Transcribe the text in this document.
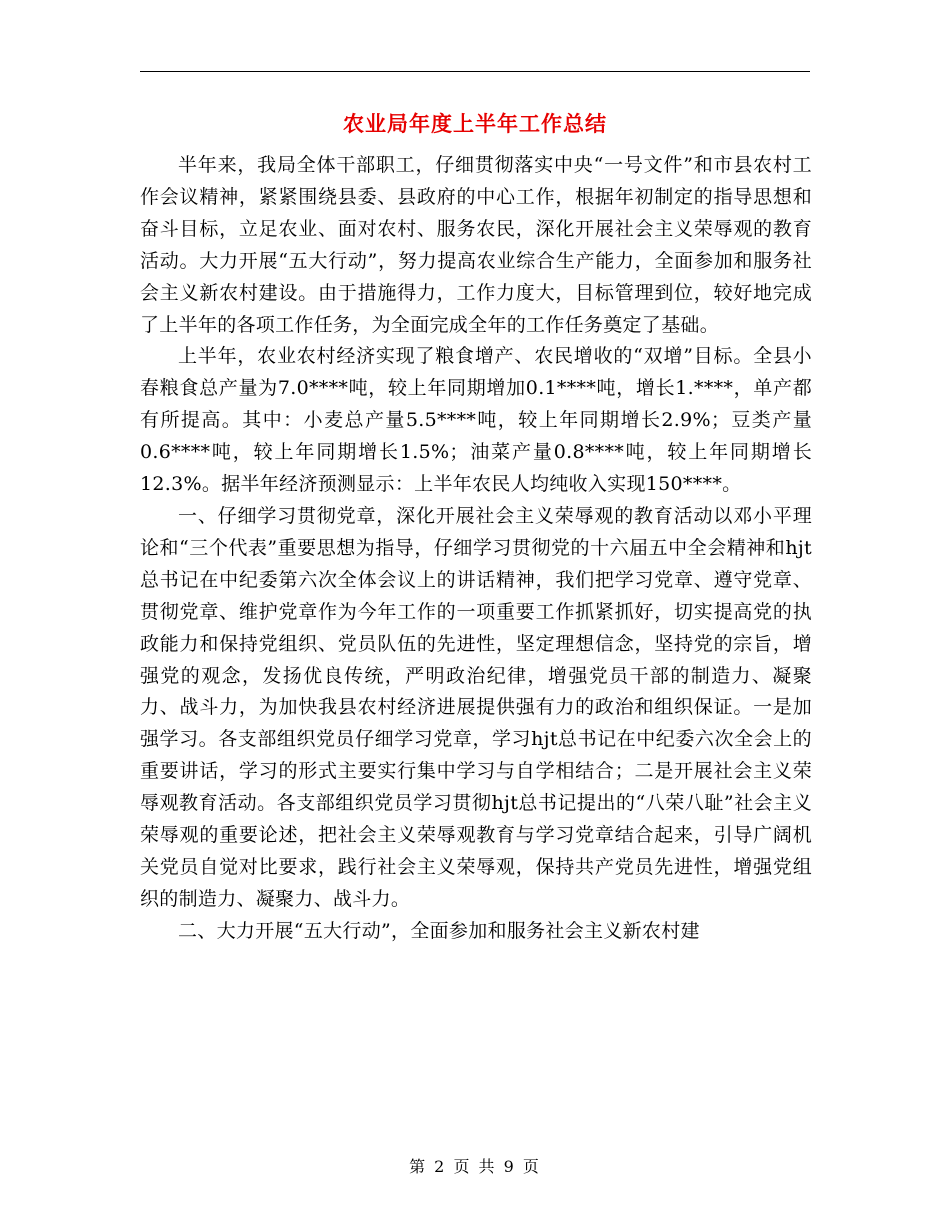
农业局年度上半年工作总结

半年来，我局全体干部职工，仔细贯彻落实中央“一号文件”和市县农村工作会议精神，紧紧围绕县委、县政府的中心工作，根据年初制定的指导思想和奋斗目标，立足农业、面对农村、服务农民，深化开展社会主义荣辱观的教育活动。大力开展“五大行动”，努力提高农业综合生产能力，全面参加和服务社会主义新农村建设。由于措施得力，工作力度大，目标管理到位，较好地完成了上半年的各项工作任务，为全面完成全年的工作任务奠定了基础。

上半年，农业农村经济实现了粮食增产、农民增收的“双增”目标。全县小春粮食总产量为7.0****吨，较上年同期增加0.1****吨，增长1.****，单产都有所提高。其中：小麦总产量5.5****吨，较上年同期增长2.9%；豆类产量0.6****吨，较上年同期增长1.5%；油菜产量0.8****吨，较上年同期增长12.3%。据半年经济预测显示：上半年农民人均纯收入实现150****。

一、仔细学习贯彻党章，深化开展社会主义荣辱观的教育活动以邓小平理论和“三个代表”重要思想为指导，仔细学习贯彻党的十六届五中全会精神和hjt总书记在中纪委第六次全体会议上的讲话精神，我们把学习党章、遵守党章、贯彻党章、维护党章作为今年工作的一项重要工作抓紧抓好，切实提高党的执政能力和保持党组织、党员队伍的先进性，坚定理想信念，坚持党的宗旨，增强党的观念，发扬优良传统，严明政治纪律，增强党员干部的制造力、凝聚力、战斗力，为加快我县农村经济进展提供强有力的政治和组织保证。一是加强学习。各支部组织党员仔细学习党章，学习hjt总书记在中纪委六次全会上的重要讲话，学习的形式主要实行集中学习与自学相结合；二是开展社会主义荣辱观教育活动。各支部组织党员学习贯彻hjt总书记提出的“八荣八耻”社会主义荣辱观的重要论述，把社会主义荣辱观教育与学习党章结合起来，引导广阔机关党员自觉对比要求，践行社会主义荣辱观，保持共产党员先进性，增强党组织的制造力、凝聚力、战斗力。

二、大力开展“五大行动”，全面参加和服务社会主义新农村建

第 2 页 共 9 页
